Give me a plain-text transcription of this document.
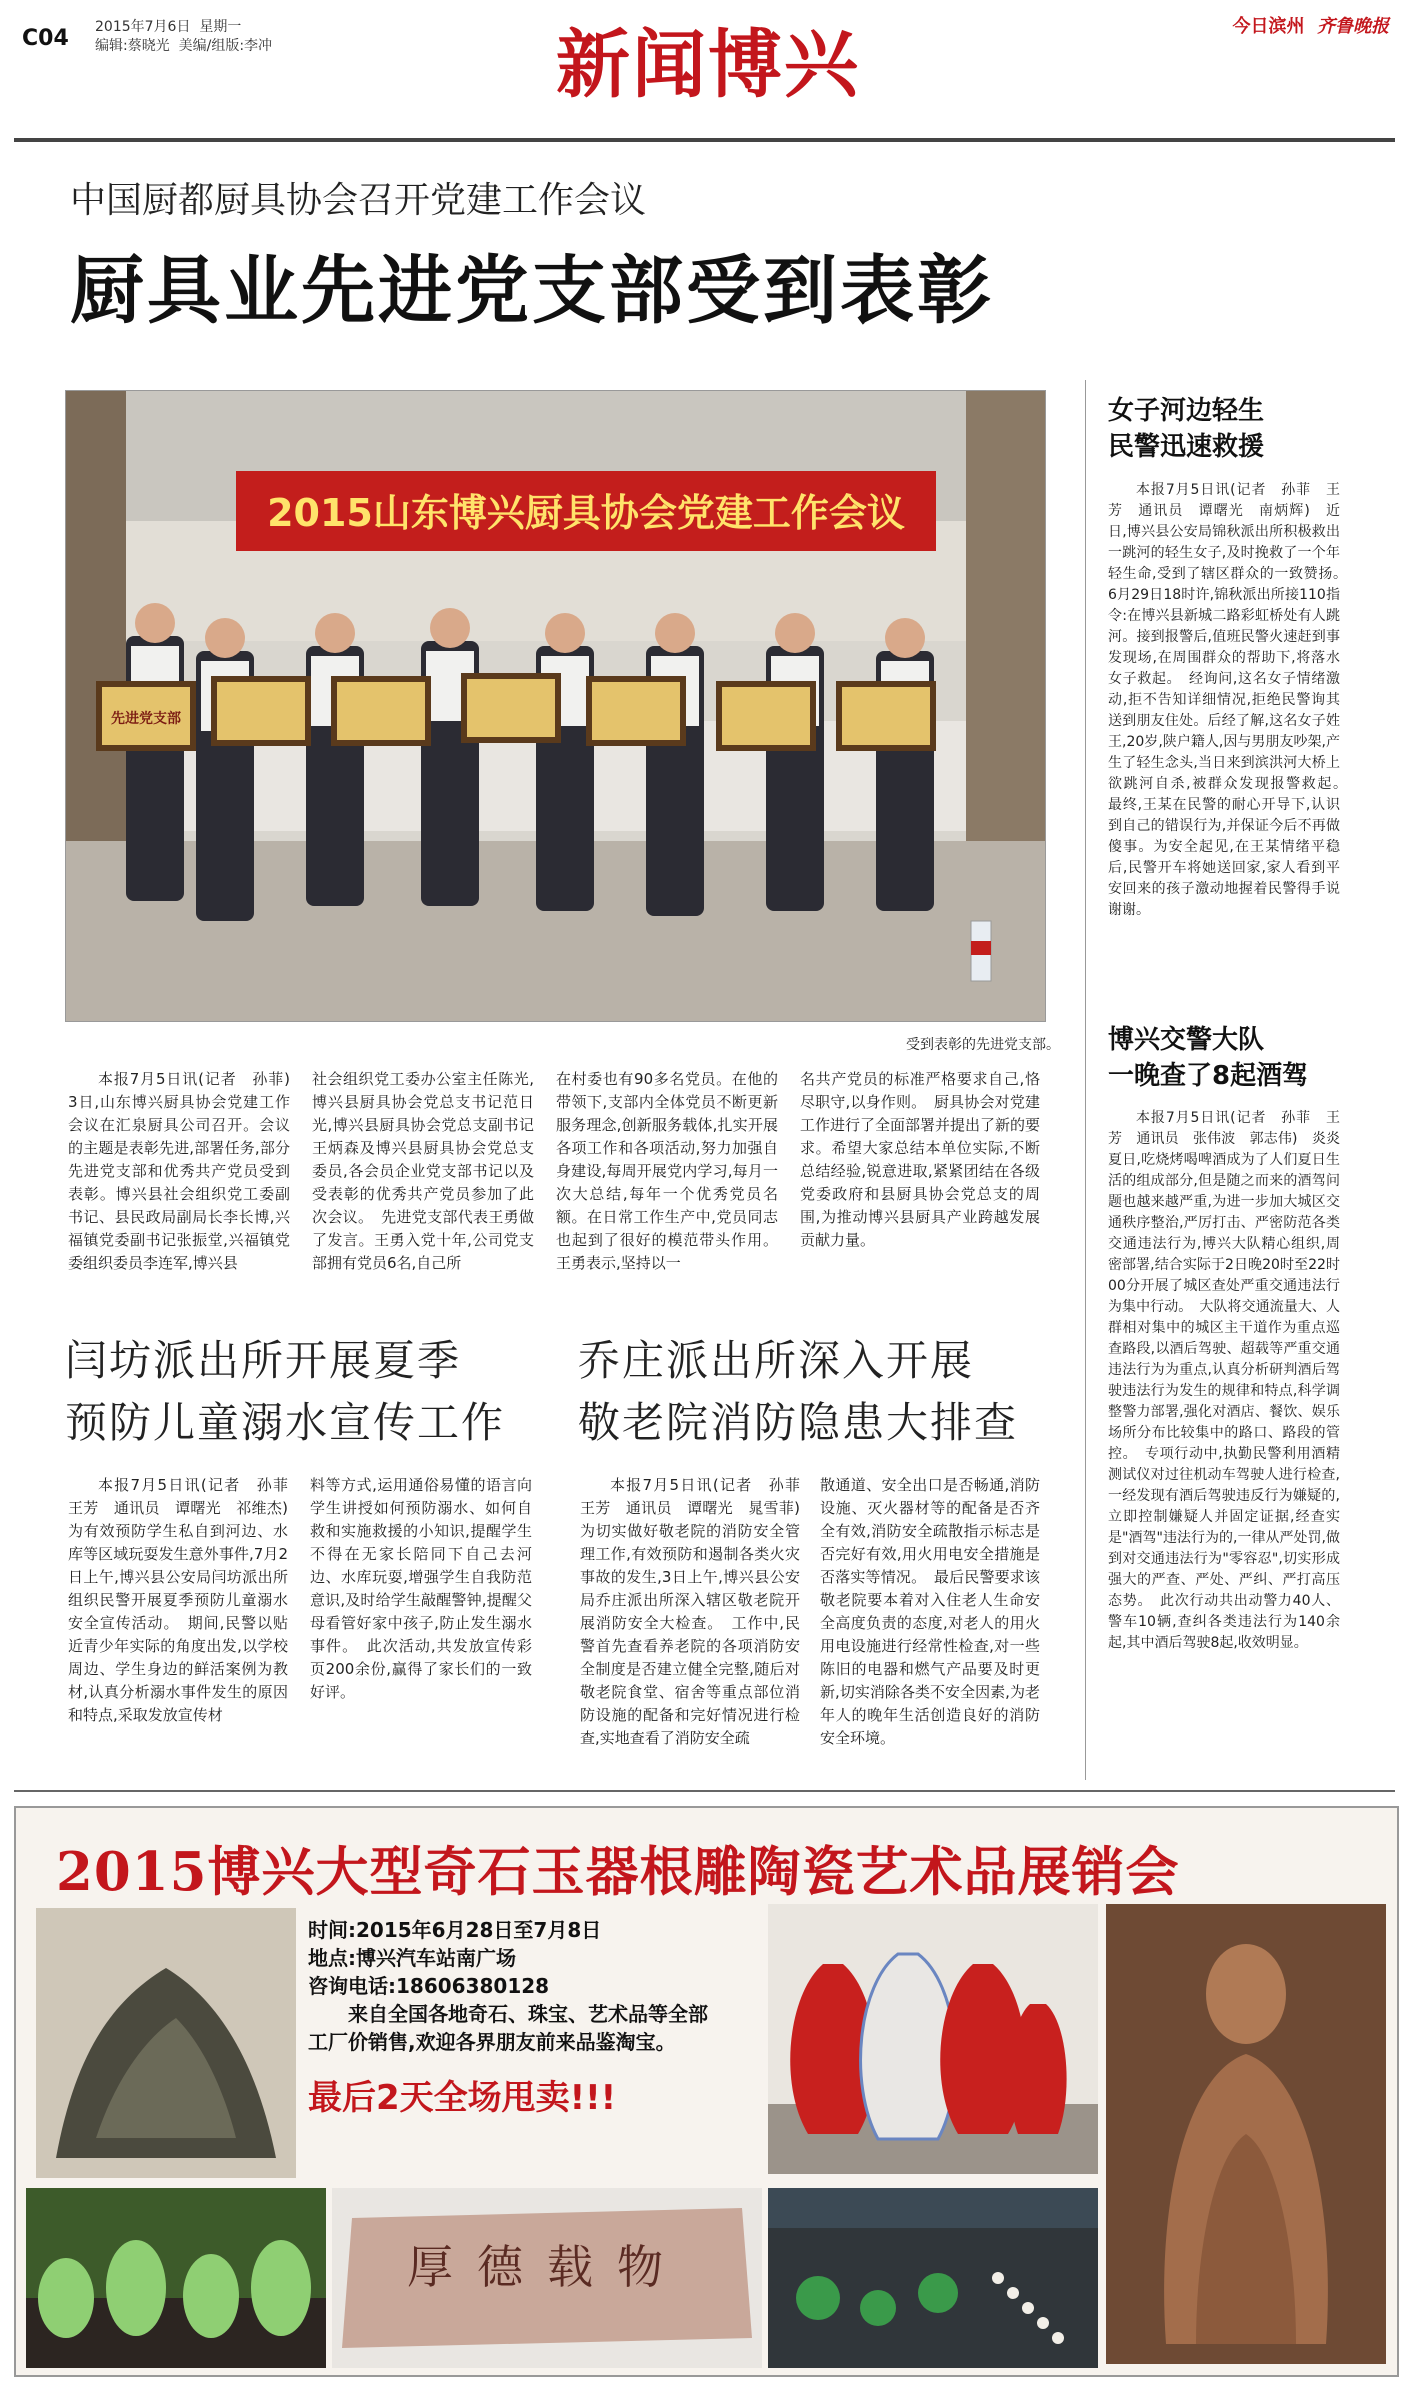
C04 2015年7月6日 星期一
编辑:蔡晓光 美编/组版:李冲	新闻博兴	今日滨州 齐鲁晚报
中国厨都厨具协会召开党建工作会议
厨具业先进党支部受到表彰
2015山东博兴厨具协会党建工作会议
先进党支部
受到表彰的先进党支部。

本报7月5日讯(记者　孙菲)　3日,山东博兴厨具协会党建工作会议在汇泉厨具公司召开。会议的主题是表彰先进,部署任务,部分先进党支部和优秀共产党员受到表彰。博兴县社会组织党工委副书记、县民政局副局长李长博,兴福镇党委副书记张振堂,兴福镇党委组织委员李连军,博兴县

社会组织党工委办公室主任陈光,博兴县厨具协会党总支书记范日光,博兴县厨具协会党总支副书记王炳森及博兴县厨具协会党总支委员,各会员企业党支部书记以及受表彰的优秀共产党员参加了此次会议。　先进党支部代表王勇做了发言。王勇入党十年,公司党支部拥有党员6名,自己所

在村委也有90多名党员。在他的带领下,支部内全体党员不断更新服务理念,创新服务载体,扎实开展各项工作和各项活动,努力加强自身建设,每周开展党内学习,每月一次大总结,每年一个优秀党员名额。在日常工作生产中,党员同志也起到了很好的模范带头作用。王勇表示,坚持以一

名共产党员的标准严格要求自己,恪尽职守,以身作则。　厨具协会对党建工作进行了全面部署并提出了新的要求。希望大家总结本单位实际,不断总结经验,锐意进取,紧紧团结在各级党委政府和县厨具协会党总支的周围,为推动博兴县厨具产业跨越发展贡献力量。

闫坊派出所开展夏季
预防儿童溺水宣传工作

本报7月5日讯(记者　孙菲　王芳　通讯员　谭曙光　祁维杰)　为有效预防学生私自到河边、水库等区域玩耍发生意外事件,7月2日上午,博兴县公安局闫坊派出所组织民警开展夏季预防儿童溺水安全宣传活动。　期间,民警以贴近青少年实际的角度出发,以学校周边、学生身边的鲜活案例为教材,认真分析溺水事件发生的原因和特点,采取发放宣传材

料等方式,运用通俗易懂的语言向学生讲授如何预防溺水、如何自救和实施救援的小知识,提醒学生不得在无家长陪同下自己去河边、水库玩耍,增强学生自我防范意识,及时给学生敲醒警钟,提醒父母看管好家中孩子,防止发生溺水事件。　此次活动,共发放宣传彩页200余份,赢得了家长们的一致好评。

乔庄派出所深入开展
敬老院消防隐患大排查

本报7月5日讯(记者　孙菲　王芳　通讯员　谭曙光　晁雪菲)　为切实做好敬老院的消防安全管理工作,有效预防和遏制各类火灾事故的发生,3日上午,博兴县公安局乔庄派出所深入辖区敬老院开展消防安全大检查。　工作中,民警首先查看养老院的各项消防安全制度是否建立健全完整,随后对敬老院食堂、宿舍等重点部位消防设施的配备和完好情况进行检查,实地查看了消防安全疏

散通道、安全出口是否畅通,消防设施、灭火器材等的配备是否齐全有效,消防安全疏散指示标志是否完好有效,用火用电安全措施是否落实等情况。　最后民警要求该敬老院要本着对入住老人生命安全高度负责的态度,对老人的用火用电设施进行经常性检查,对一些陈旧的电器和燃气产品要及时更新,切实消除各类不安全因素,为老年人的晚年生活创造良好的消防安全环境。

女子河边轻生
民警迅速救援

本报7月5日讯(记者　孙菲　王芳　通讯员　谭曙光　南炳辉)　近日,博兴县公安局锦秋派出所积极救出一跳河的轻生女子,及时挽救了一个年轻生命,受到了辖区群众的一致赞扬。　6月29日18时许,锦秋派出所接110指令:在博兴县新城二路彩虹桥处有人跳河。接到报警后,值班民警火速赶到事发现场,在周围群众的帮助下,将落水女子救起。　经询问,这名女子情绪激动,拒不告知详细情况,拒绝民警询其送到朋友住处。后经了解,这名女子姓王,20岁,陕户籍人,因与男朋友吵架,产生了轻生念头,当日来到滨洪河大桥上欲跳河自杀,被群众发现报警救起。　最终,王某在民警的耐心开导下,认识到自己的错误行为,并保证今后不再做傻事。为安全起见,在王某情绪平稳后,民警开车将她送回家,家人看到平安回来的孩子激动地握着民警得手说谢谢。

博兴交警大队
一晚查了8起酒驾

本报7月5日讯(记者　孙菲　王芳　通讯员　张伟波　郭志伟)　炎炎夏日,吃烧烤喝啤酒成为了人们夏日生活的组成部分,但是随之而来的酒驾问题也越来越严重,为进一步加大城区交通秩序整治,严厉打击、严密防范各类交通违法行为,博兴大队精心组织,周密部署,结合实际于2日晚20时至22时00分开展了城区查处严重交通违法行为集中行动。　大队将交通流量大、人群相对集中的城区主干道作为重点巡查路段,以酒后驾驶、超载等严重交通违法行为为重点,认真分析研判酒后驾驶违法行为发生的规律和特点,科学调整警力部署,强化对酒店、餐饮、娱乐场所分布比较集中的路口、路段的管控。　专项行动中,执勤民警利用酒精测试仪对过往机动车驾驶人进行检查,一经发现有酒后驾驶违反行为嫌疑的,立即控制嫌疑人并固定证据,经查实是"酒驾"违法行为的,一律从严处罚,做到对交通违法行为"零容忍",切实形成强大的严查、严处、严纠、严打高压态势。　此次行动共出动警力40人、警车10辆,查纠各类违法行为140余起,其中酒后驾驶8起,收效明显。

2015博兴大型奇石玉器根雕陶瓷艺术品展销会
时间:2015年6月28日至7月8日
地点:博兴汽车站南广场
咨询电话:18606380128
来自全国各地奇石、珠宝、艺术品等全部
工厂价销售,欢迎各界朋友前来品鉴淘宝。
最后2天全场甩卖!!!
厚德载物
